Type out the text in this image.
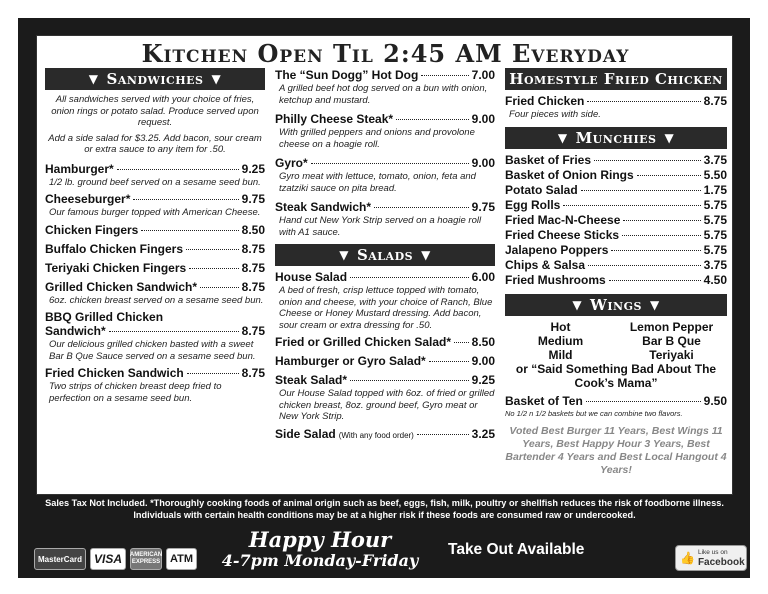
Kitchen Open Til 2:45 AM Everyday
▼ Sandwiches ▼
All sandwiches served with your choice of fries, onion rings or potato salad. Produce served upon request.
Add a side salad for $3.25. Add bacon, sour cream or extra sauce to any item for .50.
Hamburger*	9.25
1/2 lb. ground beef served on a sesame seed bun.
Cheeseburger*	9.75
Our famous burger topped with American Cheese.
Chicken Fingers	8.50
Buffalo Chicken Fingers	8.75
Teriyaki Chicken Fingers	8.75
Grilled Chicken Sandwich*	8.75
6oz. chicken breast served on a sesame seed bun.
BBQ Grilled Chicken
Sandwich*	8.75
Our delicious grilled chicken basted with a sweet Bar B Que Sauce served on a sesame seed bun.
Fried Chicken Sandwich	8.75
Two strips of chicken breast deep fried to perfection on a sesame seed bun.
The “Sun Dogg” Hot Dog	7.00
A grilled beef hot dog served on a bun with onion, ketchup and mustard.
Philly Cheese Steak*	9.00
With grilled peppers and onions and provolone cheese on a hoagie roll.
Gyro*	9.00
Gyro meat with lettuce, tomato, onion, feta and tzatziki sauce on pita bread.
Steak Sandwich*	9.75
Hand cut New York Strip served on a hoagie roll with A1 sauce.
▼ Salads ▼
House Salad	6.00
A bed of fresh, crisp lettuce topped with tomato, onion and cheese, with your choice of Ranch, Blue Cheese or Honey Mustard dressing. Add bacon, sour cream or extra dressing for .50.
Fried or Grilled Chicken Salad* 8.50
Hamburger or Gyro Salad*	9.00
Steak Salad*	9.25
Our House Salad topped with 6oz. of fried or grilled chicken breast, 8oz. ground beef, Gyro meat or New York Strip.
Side Salad (With any food order)	3.25
Homestyle Fried Chicken
Fried Chicken	8.75
Four pieces with side.
▼ Munchies ▼
Basket of Fries	3.75
Basket of Onion Rings	5.50
Potato Salad	1.75
Egg Rolls	5.75
Fried Mac-N-Cheese	5.75
Fried Cheese Sticks	5.75
Jalapeno Poppers	5.75
Chips & Salsa	3.75
Fried Mushrooms	4.50
▼ Wings ▼
Hot	Lemon Pepper
Medium	Bar B Que
Mild	Teriyaki
or “Said Something Bad About The Cook’s Mama”
Basket of Ten	9.50
No 1/2 n 1/2 baskets but we can combine two flavors.
Voted Best Burger 11 Years, Best Wings 11 Years, Best Happy Hour 3 Years, Best Bartender 4 Years and Best Local Hangout 4 Years!
Sales Tax Not Included. *Thoroughly cooking foods of animal origin such as beef, eggs, fish, milk, poultry or shellfish reduces the risk of foodborne illness. Individuals with certain health conditions may be at a higher risk if these foods are consumed raw or undercooked.
MasterCard	VISA	AMERICAN EXPRESS ATM
Happy Hour
4-7pm Monday-Friday
Take Out Available	👍 Like us on
Facebook
